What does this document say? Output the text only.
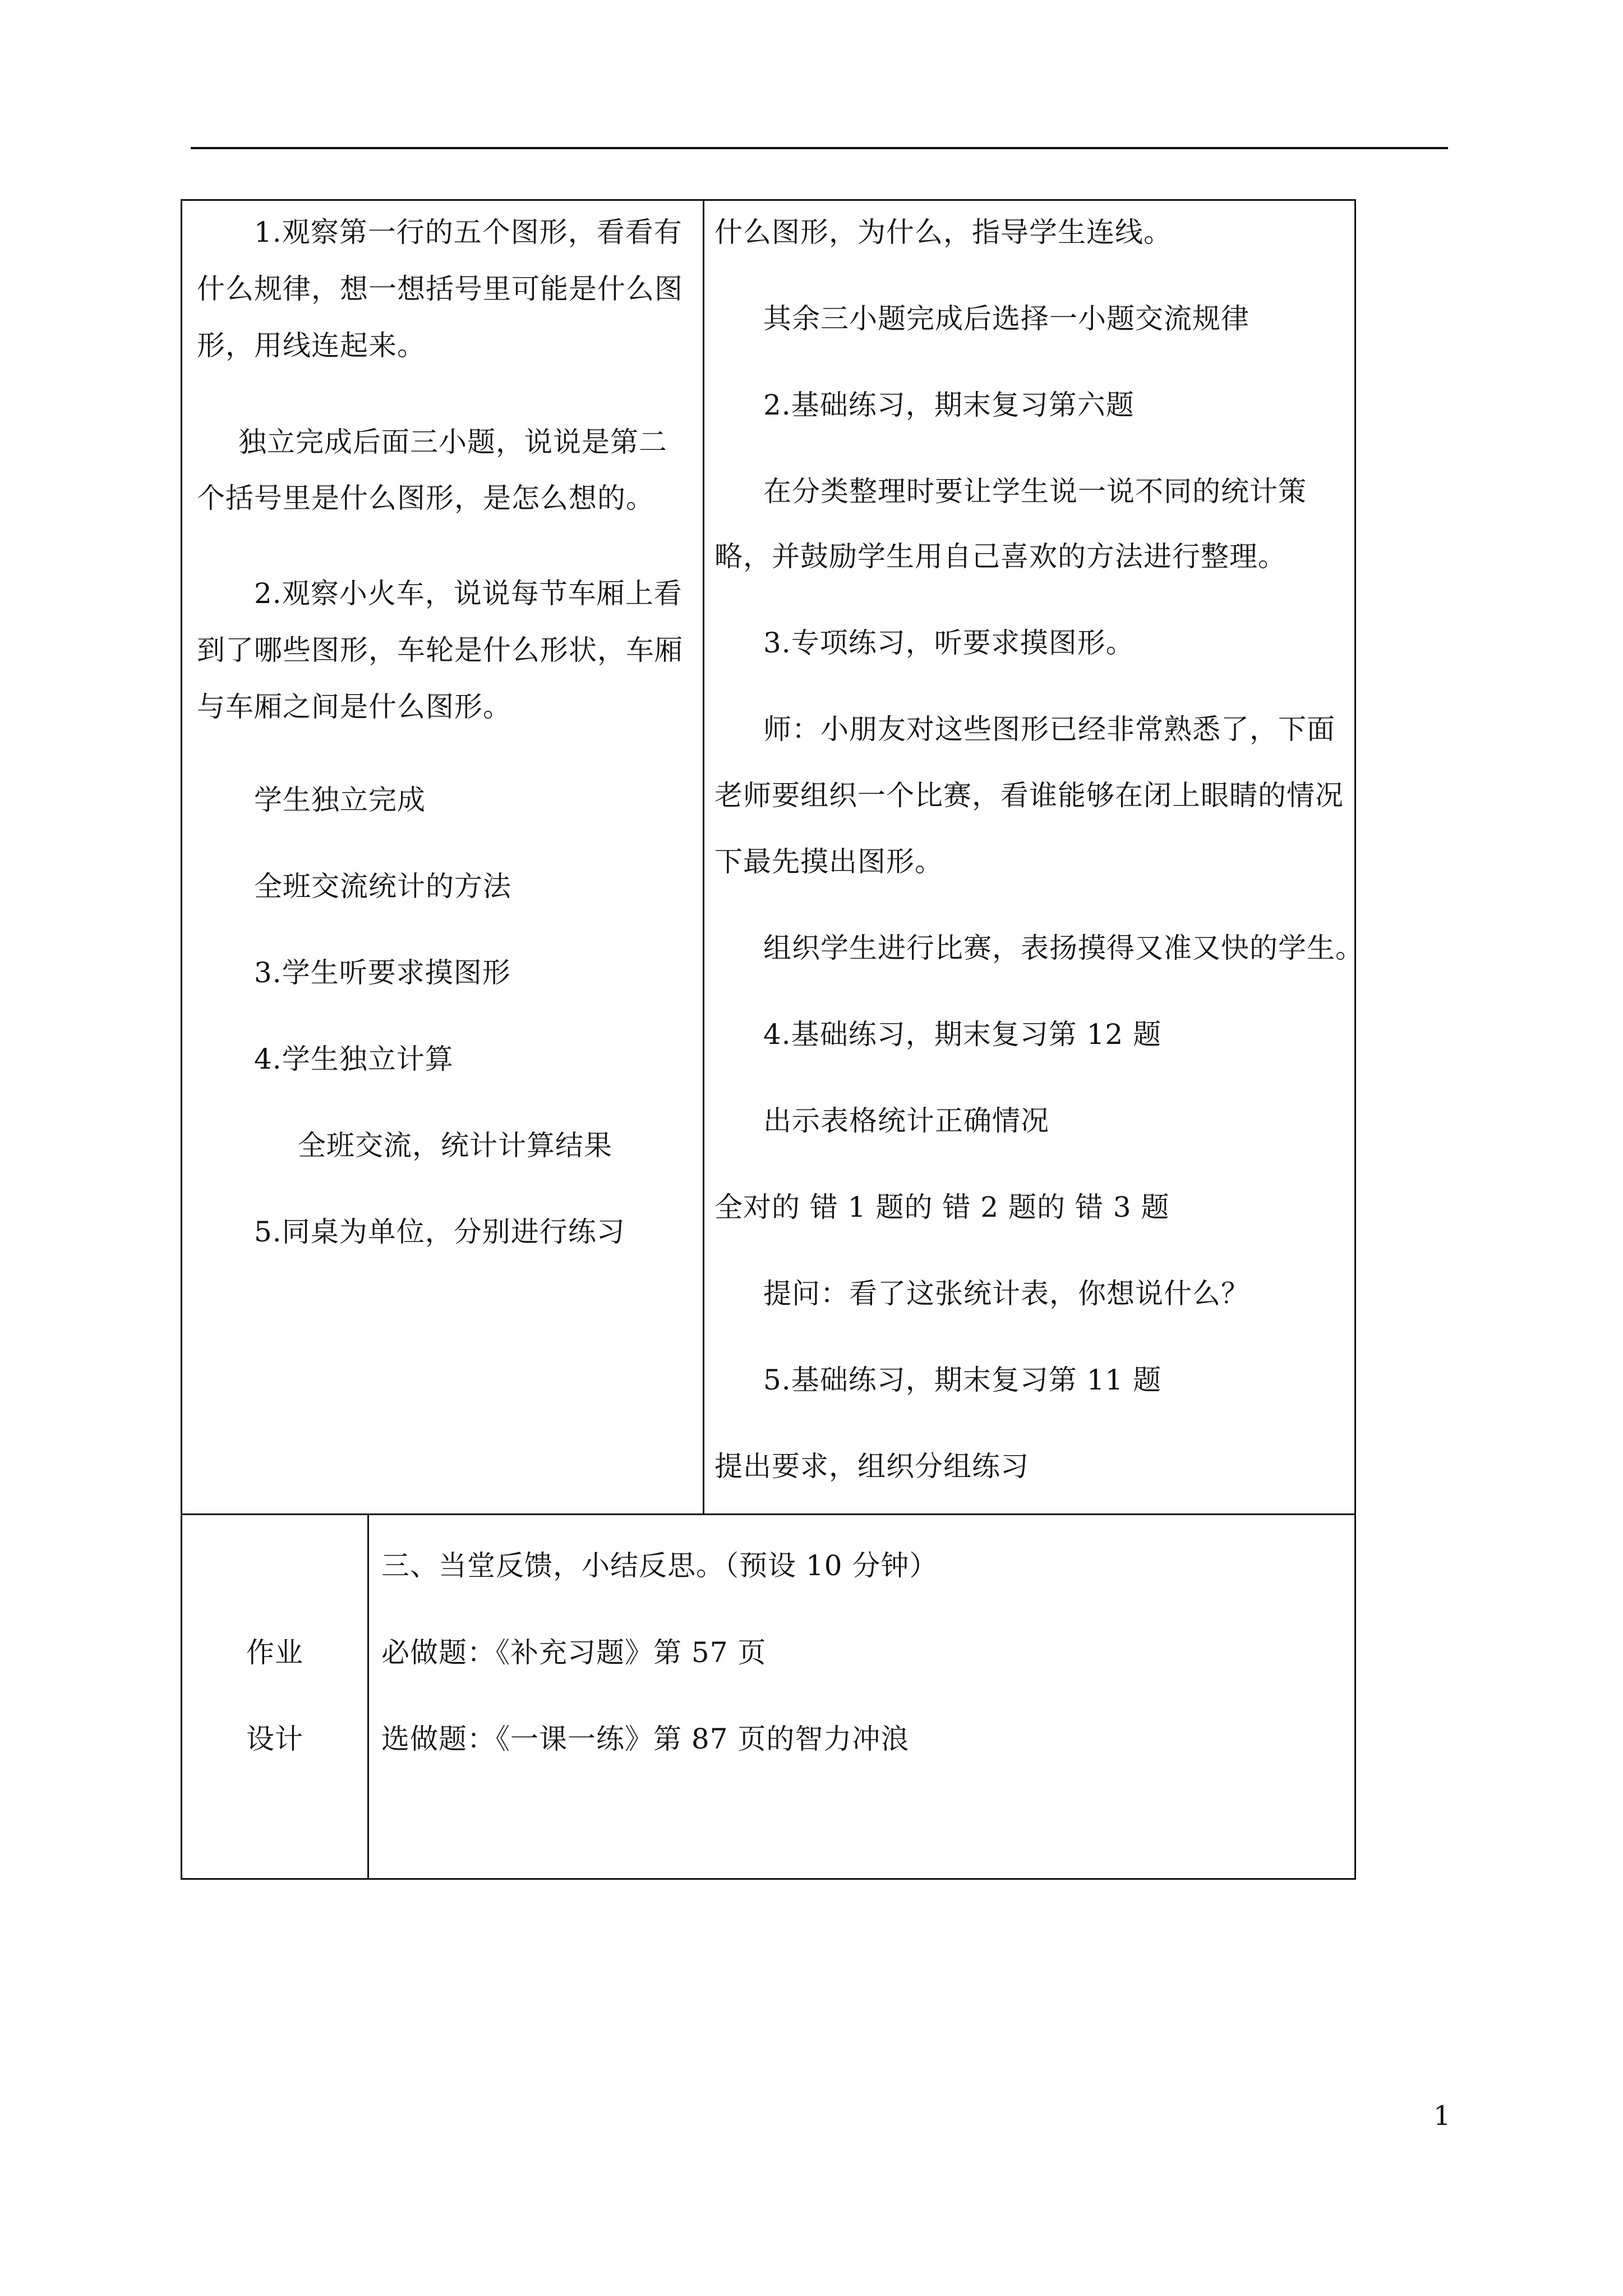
1.观察第一行的五个图形，看看有
什么规律，想一想括号里可能是什么图
形，用线连起来。
独立完成后面三小题，说说是第二
个括号里是什么图形，是怎么想的。
2.观察小火车，说说每节车厢上看
到了哪些图形，车轮是什么形状，车厢
与车厢之间是什么图形。
学生独立完成
全班交流统计的方法
3.学生听要求摸图形
4.学生独立计算
全班交流，统计计算结果
5.同桌为单位，分别进行练习
什么图形，为什么，指导学生连线。
其余三小题完成后选择一小题交流规律
2.基础练习，期末复习第六题
在分类整理时要让学生说一说不同的统计策
略，并鼓励学生用自己喜欢的方法进行整理。
3.专项练习，听要求摸图形。
师：小朋友对这些图形已经非常熟悉了，下面
老师要组织一个比赛，看谁能够在闭上眼睛的情况
下最先摸出图形。
组织学生进行比赛，表扬摸得又准又快的学生。
4.基础练习，期末复习第 12 题
出示表格统计正确情况
全对的 错 1 题的 错 2 题的 错 3 题
提问：看了这张统计表，你想说什么？
5.基础练习，期末复习第 11 题
提出要求，组织分组练习
作业
设计
三、当堂反馈，小结反思。（预设 10 分钟）
必做题：《补充习题》第 57 页
选做题：《一课一练》第 87 页的智力冲浪
1
